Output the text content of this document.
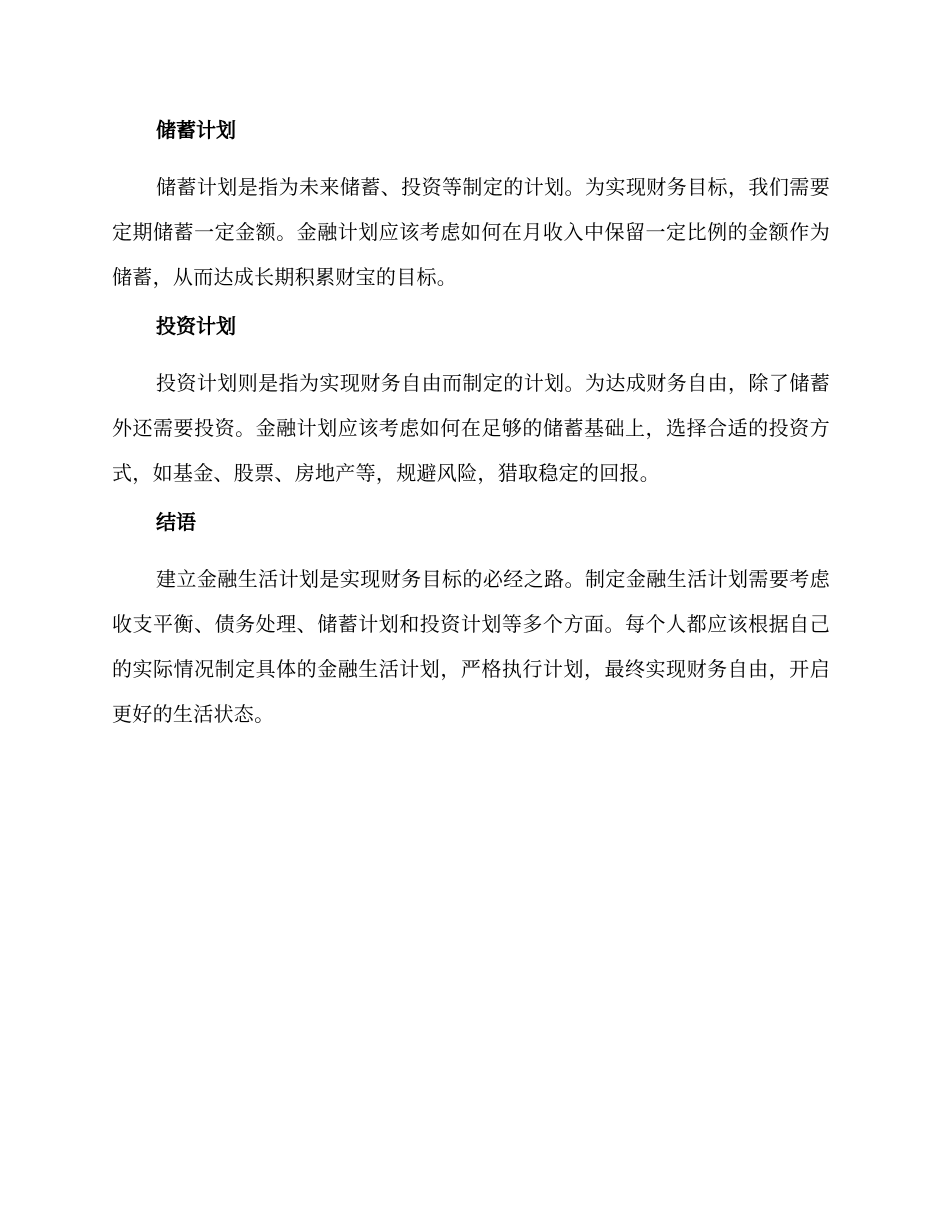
储蓄计划

储蓄计划是指为未来储蓄、投资等制定的计划。为实现财务目标，我们需要定期储蓄一定金额。金融计划应该考虑如何在月收入中保留一定比例的金额作为储蓄，从而达成长期积累财宝的目标。

投资计划

投资计划则是指为实现财务自由而制定的计划。为达成财务自由，除了储蓄外还需要投资。金融计划应该考虑如何在足够的储蓄基础上，选择合适的投资方式，如基金、股票、房地产等，规避风险，猎取稳定的回报。

结语

建立金融生活计划是实现财务目标的必经之路。制定金融生活计划需要考虑收支平衡、债务处理、储蓄计划和投资计划等多个方面。每个人都应该根据自己的实际情况制定具体的金融生活计划，严格执行计划，最终实现财务自由，开启更好的生活状态。
